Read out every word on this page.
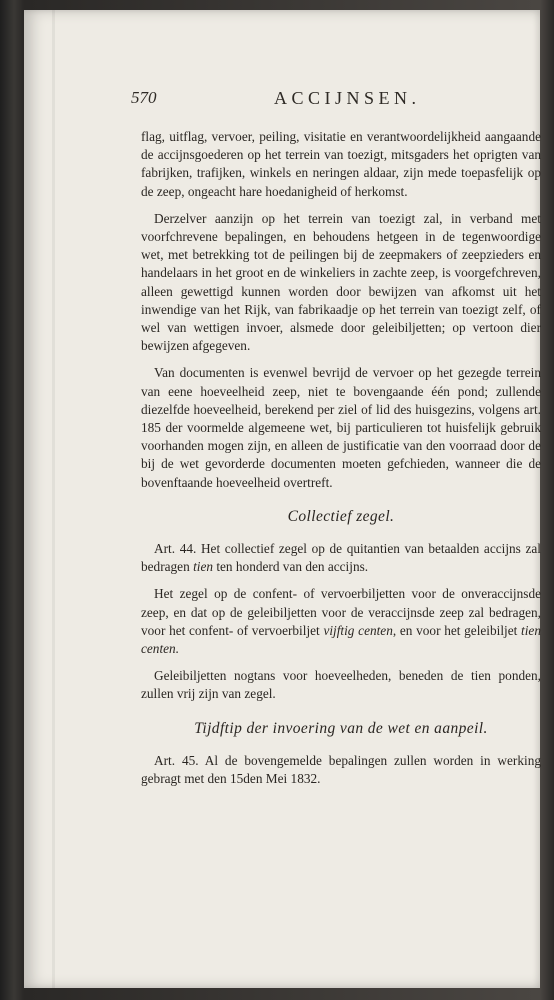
570	ACCIJNSEN.

flag, uitflag, vervoer, peiling, visitatie en verantwoordelijkheid aangaande de accijnsgoederen op het terrein van toezigt, mitsgaders het oprigten van fabrijken, trafijken, winkels en neringen aldaar, zijn mede toepasfelijk op de zeep, ongeacht hare hoedanigheid of herkomst.

Derzelver aanzijn op het terrein van toezigt zal, in verband met voorfchrevene bepalingen, en behoudens hetgeen in de tegenwoordige wet, met betrekking tot de peilingen bij de zeepmakers of zeepziеders en handelaars in het groot en de winkeliers in zachte zeep, is voorgefchreven, alleen gewettigd kunnen worden door bewijzen van afkomst uit het inwendige van het Rijk, van fabrikaadje op het terrein van toezigt zelf, of wel van wettigen invoer, alsmede door geleibiljetten; op vertoon dier bewijzen afgegeven.

Van documenten is evenwel bevrijd de vervoer op het gezegde terrein van eene hoeveelheid zeep, niet te bovengaande één pond; zullende diezelfde hoeveelheid, berekend per ziel of lid des huisgezins, volgens art. 185 der voormelde algemeene wet, bij particulieren tot huisfelijk gebruik voorhanden mogen zijn, en alleen de justificatie van den voorraad door de bij de wet gevorderde documenten moeten gefchieden, wanneer die de bovenftaande hoeveelheid overtreft.

Collectief zegel.

Art. 44. Het collectief zegel op de quitantien van betaalden accijns zal bedragen tien ten honderd van den accijns.

Het zegel op de confent- of vervoerbiljetten voor de onveraccijnsde zeep, en dat op de geleibiljetten voor de veraccijnsde zeep zal bedragen, voor het confent- of vervoerbiljet vijftig centen, en voor het geleibiljet tien centen.

Geleibiljetten nogtans voor hoeveelheden, beneden de tien ponden, zullen vrij zijn van zegel.

Tijdftip der invoering van de wet en aanpeil.

Art. 45. Al de bovengemelde bepalingen zullen worden in werking gebragt met den 15den Mei 1832.
